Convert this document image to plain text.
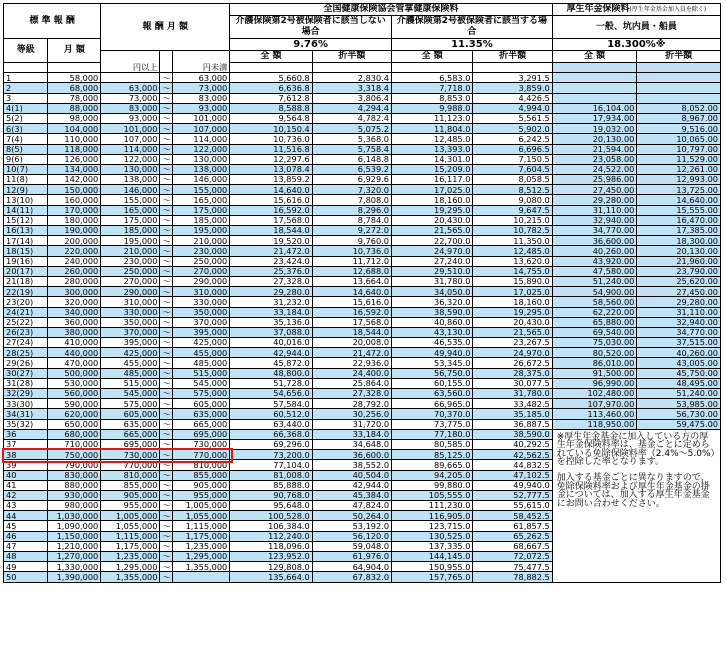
標 準 報 酬		報 酬 月 額			全国健康保険協会管掌健康保険料				厚生年金保険料(厚生年金基金加入員を除く)	
					介護保険第2号被保険者に該当しない場合		介護保険第2号被保険者に該当する場合		一般、坑内員・船員	
等級	月 額				9.76%		11.35%		18.300%※	
					全 額	折半額	全 額	折半額	全 額	折半額
		円以上		円未満						
1	58,000		～	63,000	5,660.8	2,830.4	6,583.0	3,291.5		
2	68,000	63,000	～	73,000	6,636.8	3,318.4	7,718.0	3,859.0		
3	78,000	73,000	～	83,000	7,612.8	3,806.4	8,853.0	4,426.5		
4(1)	88,000	83,000	～	93,000	8,588.8	4,294.4	9,988.0	4,994.0	16,104.00	8,052.00
5(2)	98,000	93,000	～	101,000	9,564.8	4,782.4	11,123.0	5,561.5	17,934.00	8,967.00
6(3)	104,000	101,000	～	107,000	10,150.4	5,075.2	11,804.0	5,902.0	19,032.00	9,516.00
7(4)	110,000	107,000	～	114,000	10,736.0	5,368.0	12,485.0	6,242.5	20,130.00	10,065.00
8(5)	118,000	114,000	～	122,000	11,516.8	5,758.4	13,393.0	6,696.5	21,594.00	10,797.00
9(6)	126,000	122,000	～	130,000	12,297.6	6,148.8	14,301.0	7,150.5	23,058.00	11,529.00
10(7)	134,000	130,000	～	138,000	13,078.4	6,539.2	15,209.0	7,604.5	24,522.00	12,261.00
11(8)	142,000	138,000	～	146,000	13,859.2	6,929.6	16,117.0	8,058.5	25,986.00	12,993.00
12(9)	150,000	146,000	～	155,000	14,640.0	7,320.0	17,025.0	8,512.5	27,450.00	13,725.00
13(10)	160,000	155,000	～	165,000	15,616.0	7,808.0	18,160.0	9,080.0	29,280.00	14,640.00
14(11)	170,000	165,000	～	175,000	16,592.0	8,296.0	19,295.0	9,647.5	31,110.00	15,555.00
15(12)	180,000	175,000	～	185,000	17,568.0	8,784.0	20,430.0	10,215.0	32,940.00	16,470.00
16(13)	190,000	185,000	～	195,000	18,544.0	9,272.0	21,565.0	10,782.5	34,770.00	17,385.00
17(14)	200,000	195,000	～	210,000	19,520.0	9,760.0	22,700.0	11,350.0	36,600.00	18,300.00
18(15)	220,000	210,000	～	230,000	21,472.0	10,736.0	24,970.0	12,485.0	40,260.00	20,130.00
19(16)	240,000	230,000	～	250,000	23,424.0	11,712.0	27,240.0	13,620.0	43,920.00	21,960.00
20(17)	260,000	250,000	～	270,000	25,376.0	12,688.0	29,510.0	14,755.0	47,580.00	23,790.00
21(18)	280,000	270,000	～	290,000	27,328.0	13,664.0	31,780.0	15,890.0	51,240.00	25,620.00
22(19)	300,000	290,000	～	310,000	29,280.0	14,640.0	34,050.0	17,025.0	54,900.00	27,450.00
23(20)	320,000	310,000	～	330,000	31,232.0	15,616.0	36,320.0	18,160.0	58,560.00	29,280.00
24(21)	340,000	330,000	～	350,000	33,184.0	16,592.0	38,590.0	19,295.0	62,220.00	31,110.00
25(22)	360,000	350,000	～	370,000	35,136.0	17,568.0	40,860.0	20,430.0	65,880.00	32,940.00
26(23)	380,000	370,000	～	395,000	37,088.0	18,544.0	43,130.0	21,565.0	69,540.00	34,770.00
27(24)	410,000	395,000	～	425,000	40,016.0	20,008.0	46,535.0	23,267.5	75,030.00	37,515.00
28(25)	440,000	425,000	～	455,000	42,944.0	21,472.0	49,940.0	24,970.0	80,520.00	40,260.00
29(26)	470,000	455,000	～	485,000	45,872.0	22,936.0	53,345.0	26,672.5	86,010.00	43,005.00
30(27)	500,000	485,000	～	515,000	48,800.0	24,400.0	56,750.0	28,375.0	91,500.00	45,750.00
31(28)	530,000	515,000	～	545,000	51,728.0	25,864.0	60,155.0	30,077.5	96,990.00	48,495.00
32(29)	560,000	545,000	～	575,000	54,656.0	27,328.0	63,560.0	31,780.0	102,480.00	51,240.00
33(30)	590,000	575,000	～	605,000	57,584.0	28,792.0	66,965.0	33,482.5	107,970.00	53,985.00
34(31)	620,000	605,000	～	635,000	60,512.0	30,256.0	70,370.0	35,185.0	113,460.00	56,730.00
35(32)	650,000	635,000	～	665,000	63,440.0	31,720.0	73,775.0	36,887.5	118,950.00	59,475.00
36	680,000	665,000	～	695,000	66,368.0	33,184.0	77,180.0	38,590.0	※厚生年金基金に加入している方の厚生年金保険料率は、基金ごとに定められている免除保険料率（2.4%～5.0%）を控除した率となります。

加入する基金ごとに異なりますので、免除保険料率および厚生年金基金の掛金については、加入する厚生年金基金にお問い合わせください。	

37	710,000	695,000	～	730,000	69,296.0	34,648.0	80,585.0	40,292.5		
38	750,000	730,000	～	770,000	73,200.0	36,600.0	85,125.0	42,562.5		
39	790,000	770,000	～	810,000	77,104.0	38,552.0	89,665.0	44,832.5		
40	830,000	810,000	～	855,000	81,008.0	40,504.0	94,205.0	47,102.5		
41	880,000	855,000	～	905,000	85,888.0	42,944.0	99,880.0	49,940.0		
42	930,000	905,000	～	955,000	90,768.0	45,384.0	105,555.0	52,777.5		
43	980,000	955,000	～	1,005,000	95,648.0	47,824.0	111,230.0	55,615.0		
44	1,030,000	1,005,000	～	1,055,000	100,528.0	50,264.0	116,905.0	58,452.5		
45	1,090,000	1,055,000	～	1,115,000	106,384.0	53,192.0	123,715.0	61,857.5		
46	1,150,000	1,115,000	～	1,175,000	112,240.0	56,120.0	130,525.0	65,262.5		
47	1,210,000	1,175,000	～	1,235,000	118,096.0	59,048.0	137,335.0	68,667.5		
48	1,270,000	1,235,000	～	1,295,000	123,952.0	61,976.0	144,145.0	72,072.5		
49	1,330,000	1,295,000	～	1,355,000	129,808.0	64,904.0	150,955.0	75,477.5		
50	1,390,000	1,355,000	～		135,664.0	67,832.0	157,765.0	78,882.5		
